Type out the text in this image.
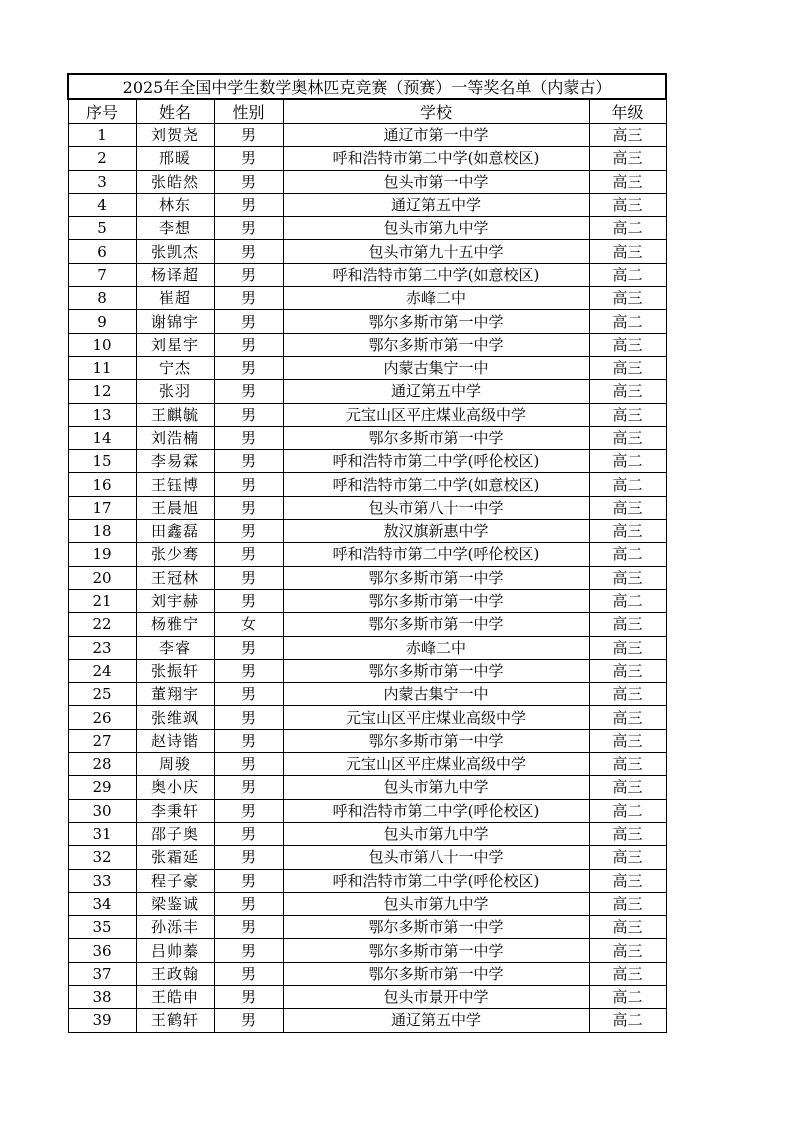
2025年全国中学生数学奥林匹克竞赛（预赛）一等奖名单（内蒙古）				
序号	姓名	性别	学校	年级
1	刘贺尧	男	通辽市第一中学	高三
2	邢暖	男	呼和浩特市第二中学(如意校区)	高三
3	张皓然	男	包头市第一中学	高三
4	林东	男	通辽第五中学	高三
5	李想	男	包头市第九中学	高二
6	张凯杰	男	包头市第九十五中学	高三
7	杨译超	男	呼和浩特市第二中学(如意校区)	高二
8	崔超	男	赤峰二中	高三
9	谢锦宇	男	鄂尔多斯市第一中学	高二
10	刘星宇	男	鄂尔多斯市第一中学	高三
11	宁杰	男	内蒙古集宁一中	高三
12	张羽	男	通辽第五中学	高三
13	王麒毓	男	元宝山区平庄煤业高级中学	高三
14	刘浩楠	男	鄂尔多斯市第一中学	高三
15	李易霖	男	呼和浩特市第二中学(呼伦校区)	高二
16	王钰博	男	呼和浩特市第二中学(如意校区)	高二
17	王晨旭	男	包头市第八十一中学	高三
18	田鑫磊	男	敖汉旗新惠中学	高三
19	张少骞	男	呼和浩特市第二中学(呼伦校区)	高二
20	王冠林	男	鄂尔多斯市第一中学	高三
21	刘宇赫	男	鄂尔多斯市第一中学	高二
22	杨雅宁	女	鄂尔多斯市第一中学	高三
23	李睿	男	赤峰二中	高三
24	张振轩	男	鄂尔多斯市第一中学	高三
25	董翔宇	男	内蒙古集宁一中	高三
26	张维飒	男	元宝山区平庄煤业高级中学	高三
27	赵诗锴	男	鄂尔多斯市第一中学	高三
28	周骏	男	元宝山区平庄煤业高级中学	高三
29	奥小庆	男	包头市第九中学	高三
30	李秉轩	男	呼和浩特市第二中学(呼伦校区)	高二
31	邵子奥	男	包头市第九中学	高三
32	张霜延	男	包头市第八十一中学	高三
33	程子豪	男	呼和浩特市第二中学(呼伦校区)	高三
34	梁鉴诚	男	包头市第九中学	高三
35	孙泺丰	男	鄂尔多斯市第一中学	高三
36	吕帅蓁	男	鄂尔多斯市第一中学	高三
37	王政翰	男	鄂尔多斯市第一中学	高三
38	王皓申	男	包头市景开中学	高二
39	王鹤轩	男	通辽第五中学	高二
